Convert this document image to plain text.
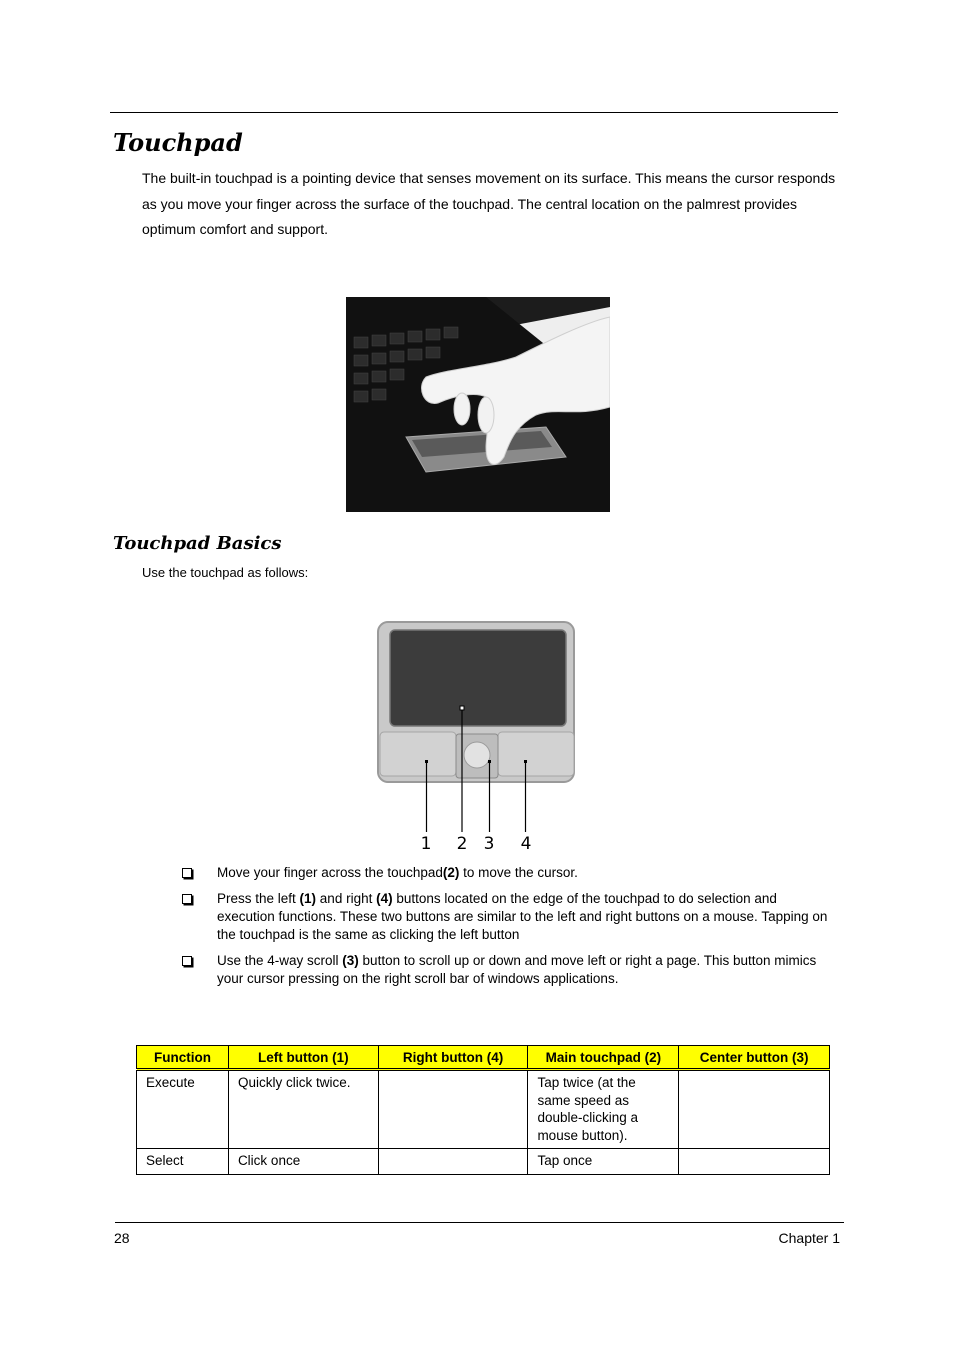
Touchpad
The built-in touchpad is a pointing device that senses movement on its surface. This means the cursor responds as you move your finger across the surface of the touchpad. The central location on the palmrest provides optimum comfort and support.
Touchpad Basics
Use the touchpad as follows:
1 2 3 4
Move your finger across the touchpad(2) to move the cursor.
Press the left (1) and right (4) buttons located on the edge of the touchpad to do selection and execution functions. These two buttons are similar to the left and right buttons on a mouse. Tapping on the touchpad is the same as clicking the left button
Use the 4-way scroll (3) button to scroll up or down and move left or right a page. This button mimics your cursor pressing on the right scroll bar of windows applications.
Function	Left button (1)	Right button (4)	Main touchpad (2)	Center button (3)
Execute	Quickly click twice.		Tap twice (at the same speed as double-clicking a mouse button).	
Select	Click once		Tap once	
28	Chapter 1
